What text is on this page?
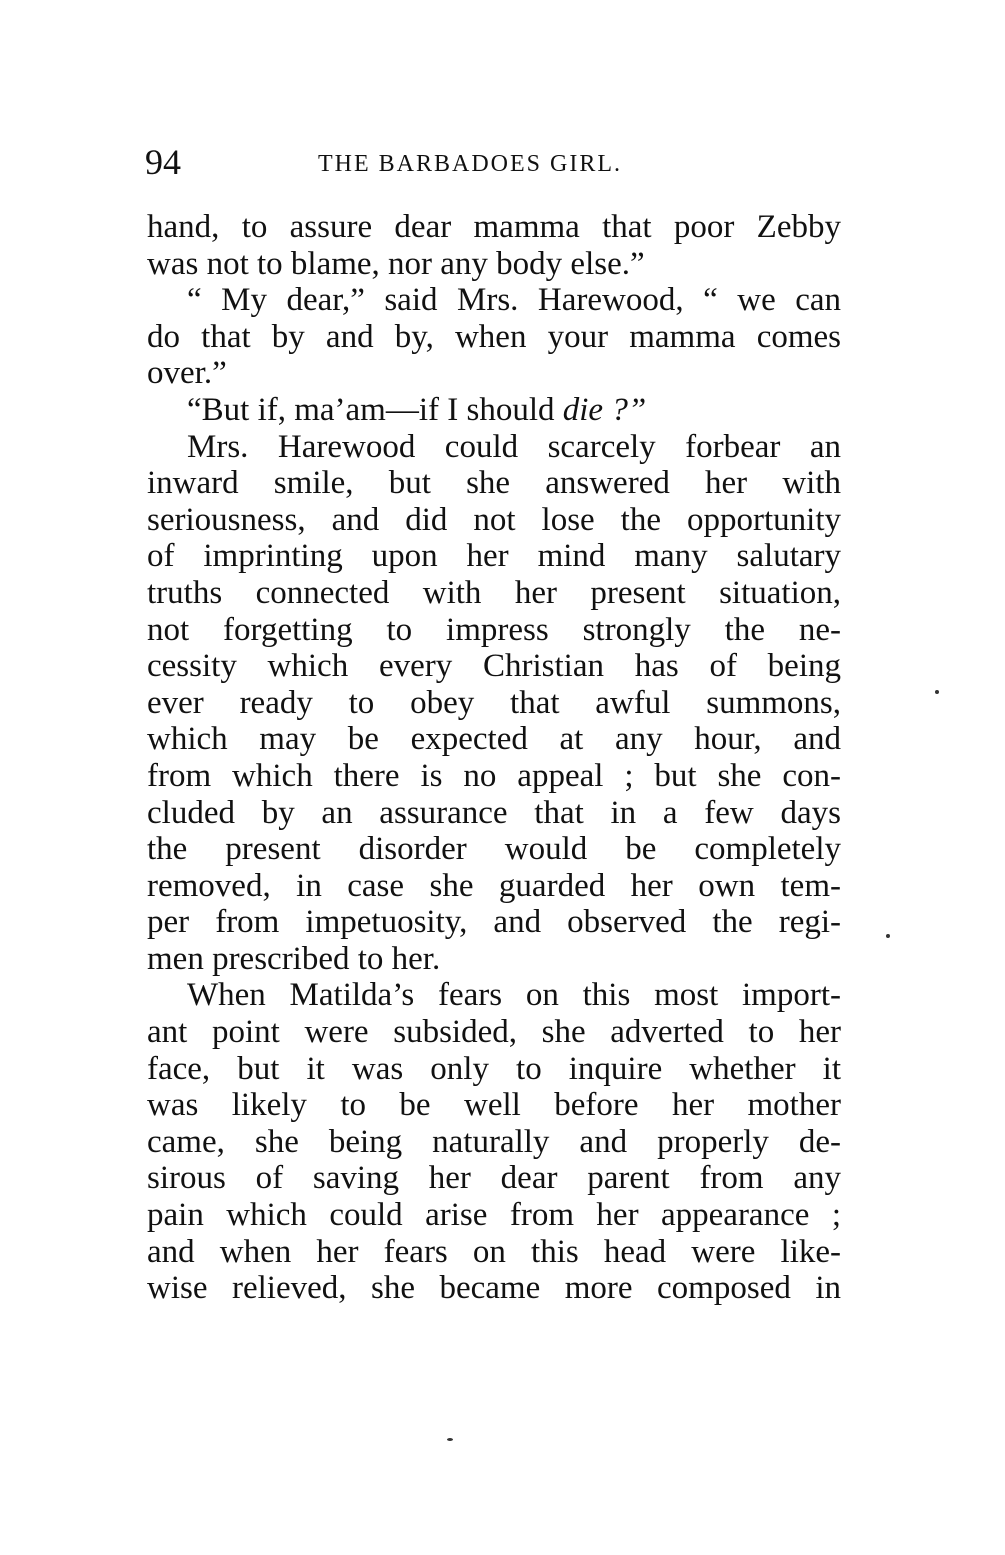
94	THE BARBADOES GIRL.
hand, to assure dear mamma that poor Zebby
was not to blame, nor any body else.”
“ My dear,” said Mrs. Harewood, “ we can
do that by and by, when your mamma comes
over.”
“But if, ma’am—if I should die ?”
Mrs. Harewood could scarcely forbear an
inward smile, but she answered her with
seriousness, and did not lose the opportunity
of imprinting upon her mind many salutary
truths connected with her present situation,
not forgetting to impress strongly the ne-
cessity which every Christian has of being
ever ready to obey that awful summons,
which may be expected at any hour, and
from which there is no appeal ; but she con-
cluded by an assurance that in a few days
the present disorder would be completely
removed, in case she guarded her own tem-
per from impetuosity, and observed the regi-
men prescribed to her.
When Matilda’s fears on this most import-
ant point were subsided, she adverted to her
face, but it was only to inquire whether it
was likely to be well before her mother
came, she being naturally and properly de-
sirous of saving her dear parent from any
pain which could arise from her appearance ;
and when her fears on this head were like-
wise relieved, she became more composed in
